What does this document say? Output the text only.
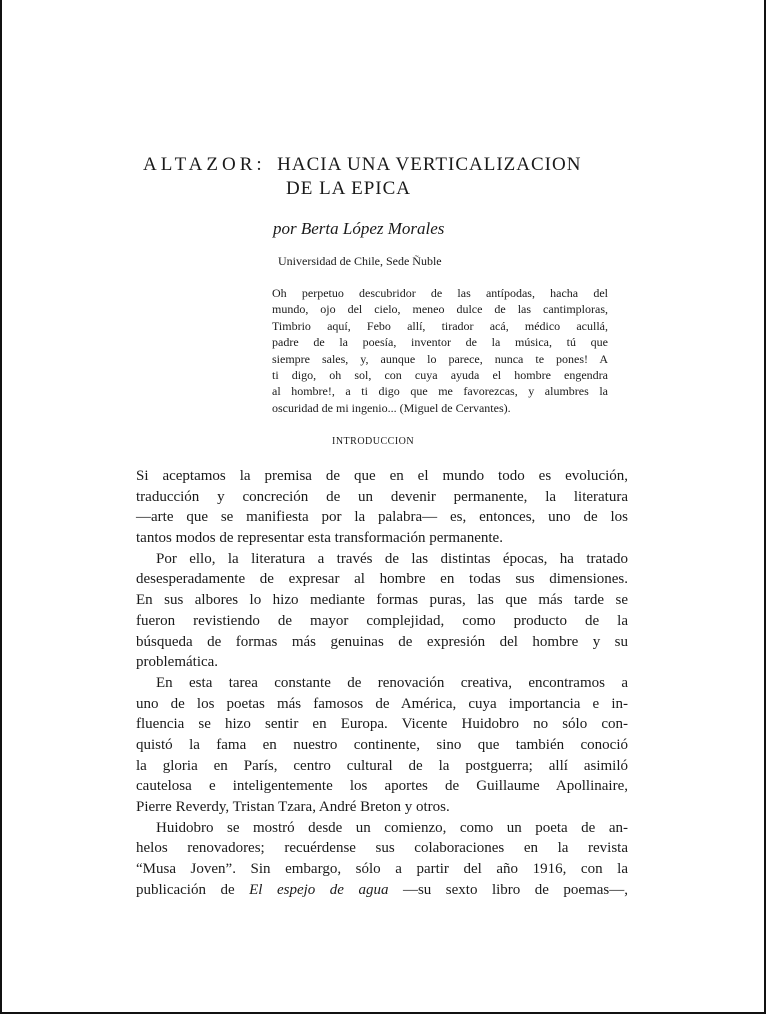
ALTAZOR: HACIA UNA VERTICALIZACION
DE LA EPICA
por Berta López Morales
Universidad de Chile, Sede Ñuble
Oh perpetuo descubridor de las antípodas, hacha del
mundo, ojo del cielo, meneo dulce de las cantimploras,
Timbrio aquí, Febo allí, tirador acá, médico acullá,
padre de la poesía, inventor de la música, tú que
siempre sales, y, aunque lo parece, nunca te pones! A
ti digo, oh sol, con cuya ayuda el hombre engendra
al hombre!, a ti digo que me favorezcas, y alumbres la
oscuridad de mi ingenio... (Miguel de Cervantes).
INTRODUCCION
Si aceptamos la premisa de que en el mundo todo es evolución,
traducción y concreción de un devenir permanente, la literatura
—arte que se manifiesta por la palabra— es, entonces, uno de los
tantos modos de representar esta transformación permanente.
Por ello, la literatura a través de las distintas épocas, ha tratado
desesperadamente de expresar al hombre en todas sus dimensiones.
En sus albores lo hizo mediante formas puras, las que más tarde se
fueron revistiendo de mayor complejidad, como producto de la
búsqueda de formas más genuinas de expresión del hombre y su
problemática.
En esta tarea constante de renovación creativa, encontramos a
uno de los poetas más famosos de América, cuya importancia e in-
fluencia se hizo sentir en Europa. Vicente Huidobro no sólo con-
quistó la fama en nuestro continente, sino que también conoció
la gloria en París, centro cultural de la postguerra; allí asimiló
cautelosa e inteligentemente los aportes de Guillaume Apollinaire,
Pierre Reverdy, Tristan Tzara, André Breton y otros.
Huidobro se mostró desde un comienzo, como un poeta de an-
helos renovadores; recuérdense sus colaboraciones en la revista
“Musa Joven”. Sin embargo, sólo a partir del año 1916, con la
publicación de El espejo de agua —su sexto libro de poemas—,
